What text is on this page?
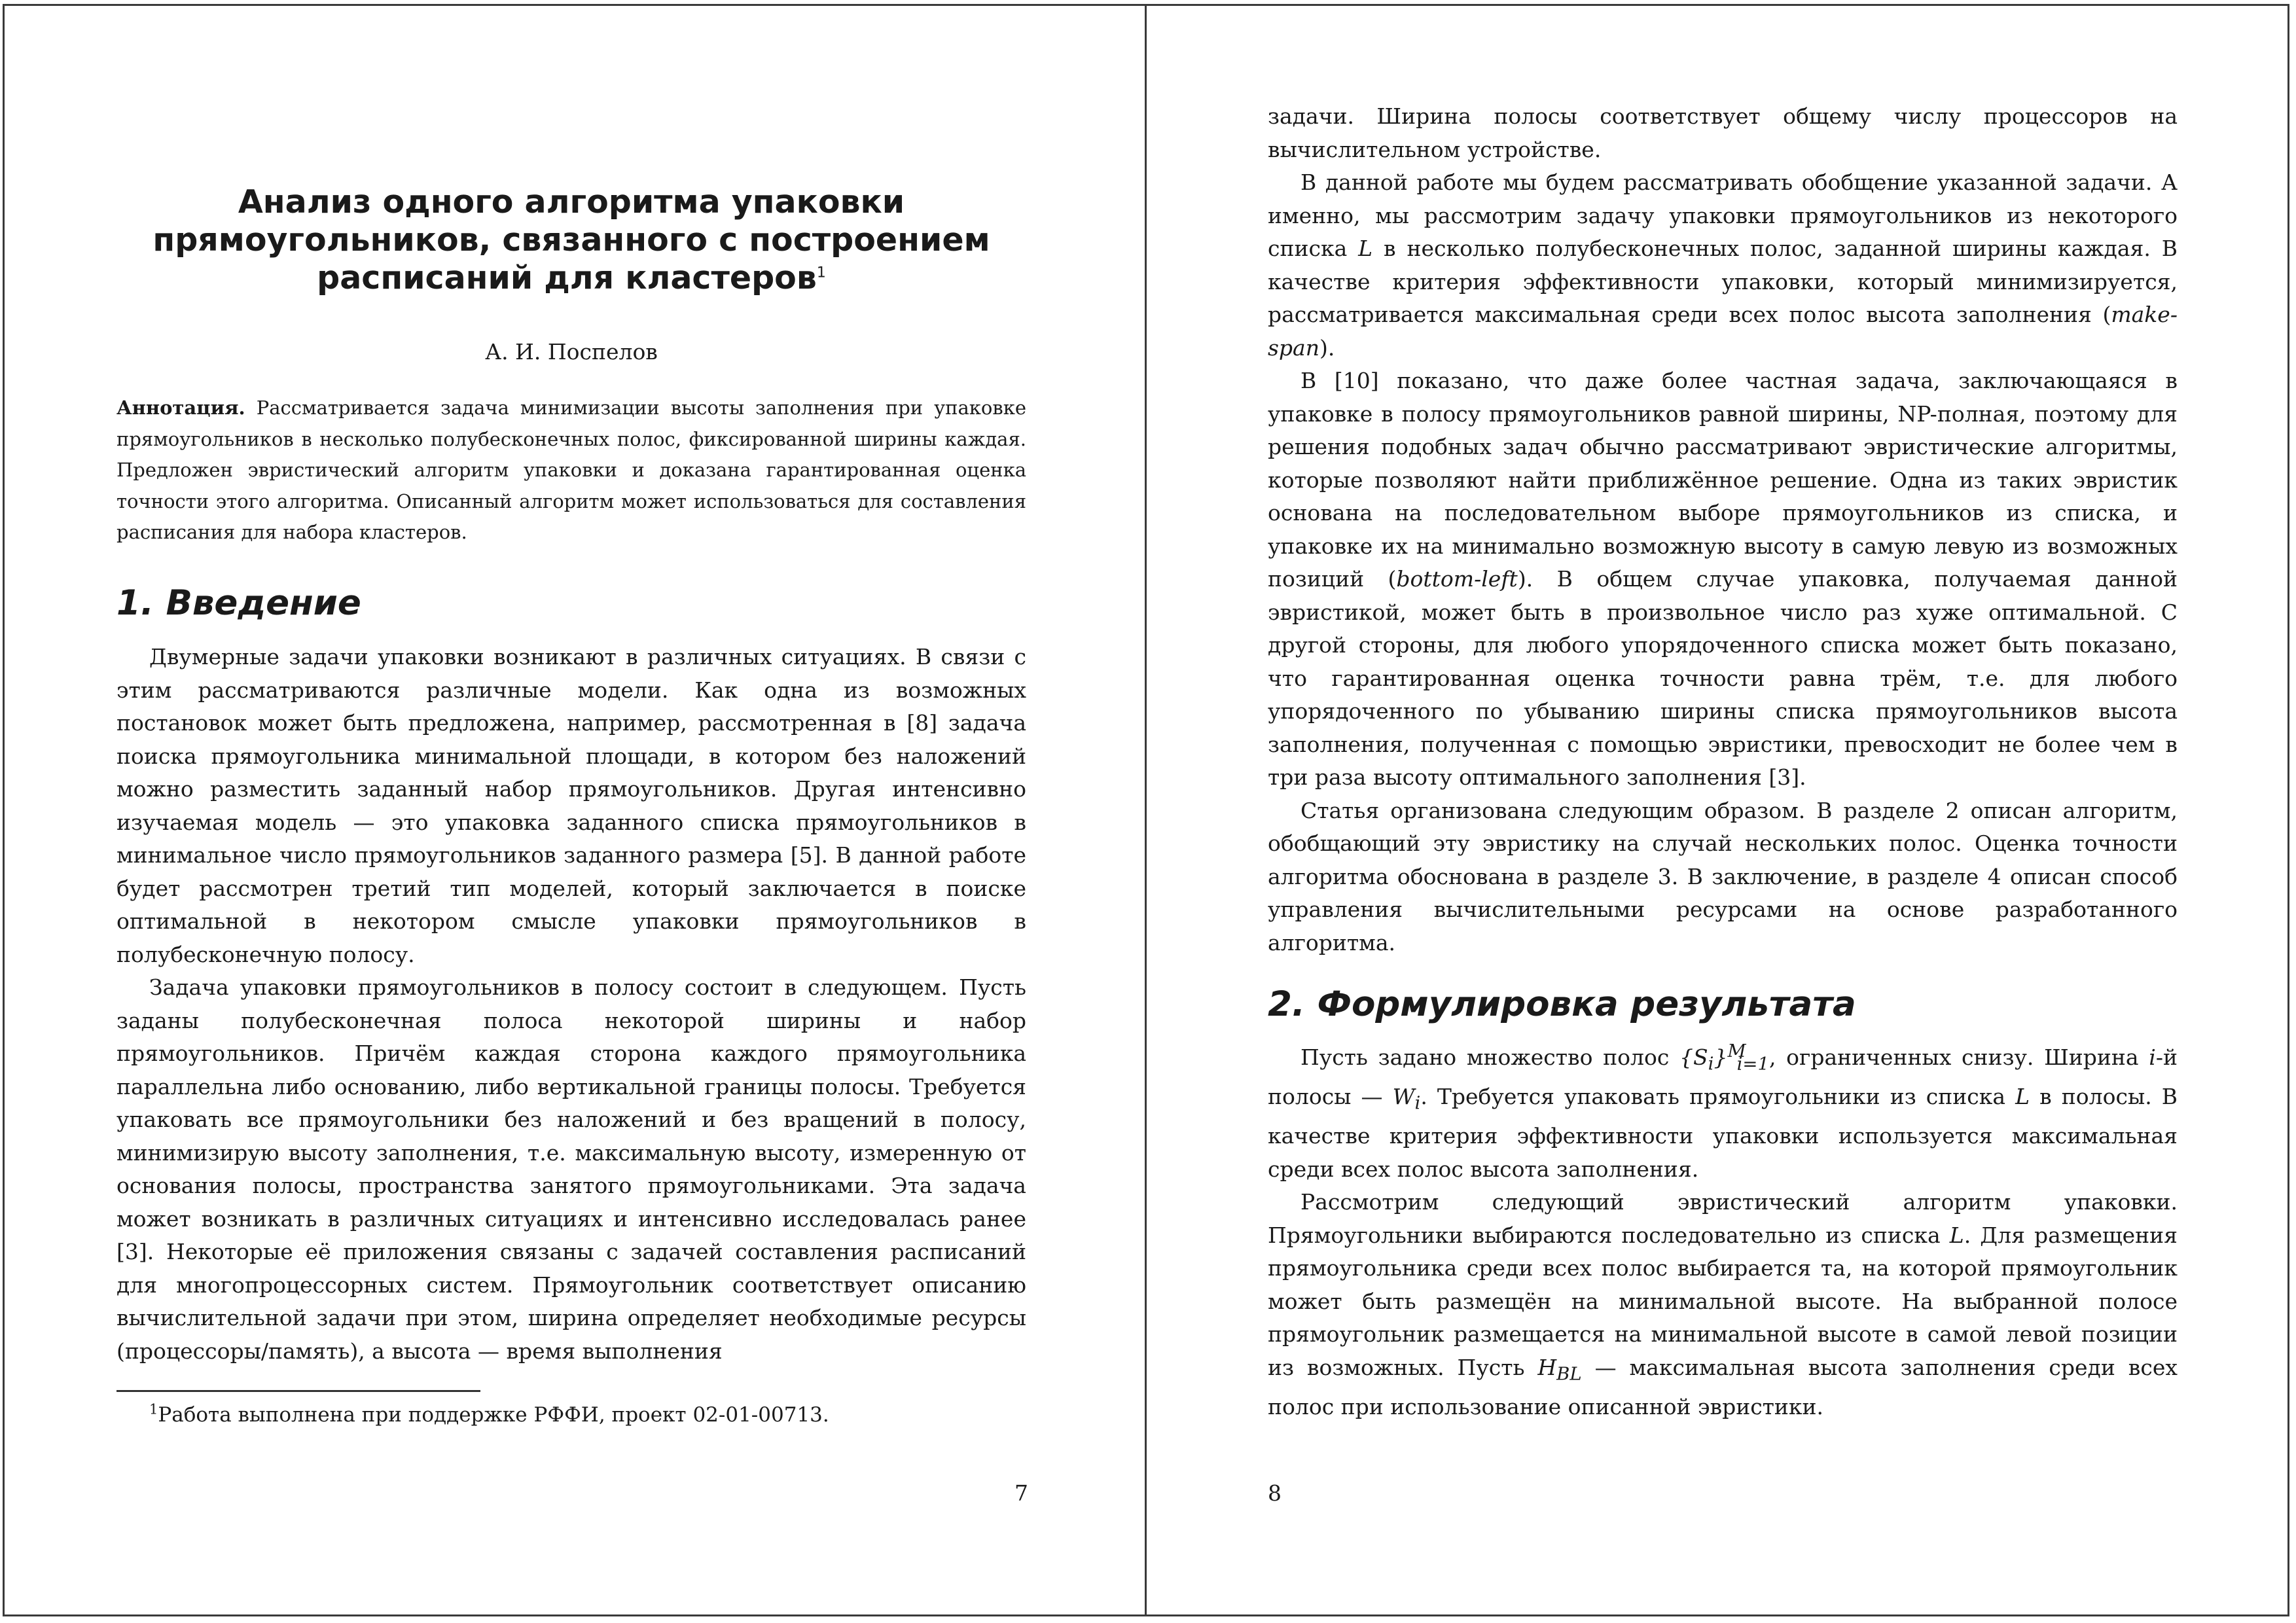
Анализ одного алгоритма упаковки
прямоугольников, связанного с построением
расписаний для кластеров$^1$

А. И. Поспелов

Аннотация. Рассматривается задача минимизации высоты заполнения при упаковке прямоугольников в несколько полубесконечных полос, фиксированной ширины каждая. Предложен эвристический алгоритм упаковки и доказана гарантированная оценка точности этого алгоритма. Описанный алгоритм может использоваться для составления расписания для набора кластеров.

1. Введение

Двумерные задачи упаковки возникают в различных ситуациях. В связи с этим рассматриваются различные модели. Как одна из возможных постановок может быть предложена, например, рассмотренная в [8] задача поиска прямоугольника минимальной площади, в котором без наложений можно разместить заданный набор прямоугольников. Другая интенсивно изучаемая модель — это упаковка заданного списка прямоугольников в минимальное число прямоугольников заданного размера [5]. В данной работе будет рассмотрен третий тип моделей, который заключается в поиске оптимальной в некотором смысле упаковки прямоугольников в полубесконечную полосу.

Задача упаковки прямоугольников в полосу состоит в следующем. Пусть заданы полубесконечная полоса некоторой ширины и набор прямоугольников. Причём каждая сторона каждого прямоугольника параллельна либо основанию, либо вертикальной границы полосы. Требуется упаковать все прямоугольники без наложений и без вращений в полосу, минимизирую высоту заполнения, т.е. максимальную высоту, измеренную от основания полосы, пространства занятого прямоугольниками. Эта задача может возникать в различных ситуациях и интенсивно исследовалась ранее [3]. Некоторые её приложения связаны с задачей составления расписаний для многопроцессорных систем. Прямоугольник соответствует описанию вычислительной задачи при этом, ширина определяет необходимые ресурсы (процессоры/память), а высота — время выполнения

$^1$Работа выполнена при поддержке РФФИ, проект 02-01-00713.

7

задачи. Ширина полосы соответствует общему числу процессоров на вычислительном устройстве.

В данной работе мы будем рассматривать обобщение указанной задачи. А именно, мы рассмотрим задачу упаковки прямоугольников из некоторого списка L в несколько полубесконечных полос, заданной ширины каждая. В качестве критерия эффективности упаковки, который минимизируется, рассматривается максимальная среди всех полос высота заполнения (make-span).

В [10] показано, что даже более частная задача, заключающаяся в упаковке в полосу прямоугольников равной ширины, NP-полная, поэтому для решения подобных задач обычно рассматривают эвристические алгоритмы, которые позволяют найти приближённое решение. Одна из таких эвристик основана на последовательном выборе прямоугольников из списка, и упаковке их на минимально возможную высоту в самую левую из возможных позиций (bottom-left). В общем случае упаковка, получаемая данной эвристикой, может быть в произвольное число раз хуже оптимальной. С другой стороны, для любого упорядоченного списка может быть показано, что гарантированная оценка точности равна трём, т.е. для любого упорядоченного по убыванию ширины списка прямоугольников высота заполнения, полученная с помощью эвристики, превосходит не более чем в три раза высоту оптимального заполнения [3].

Статья организована следующим образом. В разделе 2 описан алгоритм, обобщающий эту эвристику на случай нескольких полос. Оценка точности алгоритма обоснована в разделе 3. В заключение, в разделе 4 описан способ управления вычислительными ресурсами на основе разработанного алгоритма.

2. Формулировка результата

Пусть задано множество полос $\{S_i\}^M_{i=1}$, ограниченных снизу. Ширина i-й полосы — $W_i$. Требуется упаковать прямоугольники из списка L в полосы. В качестве критерия эффективности упаковки используется максимальная среди всех полос высота заполнения.

Рассмотрим следующий эвристический алгоритм упаковки. Прямоугольники выбираются последовательно из списка L. Для размещения прямоугольника среди всех полос выбирается та, на которой прямоугольник может быть размещён на минимальной высоте. На выбранной полосе прямоугольник размещается на минимальной высоте в самой левой позиции из возможных. Пусть $H_{BL}$ — максимальная высота заполнения среди всех полос при использование описанной эвристики.

8
